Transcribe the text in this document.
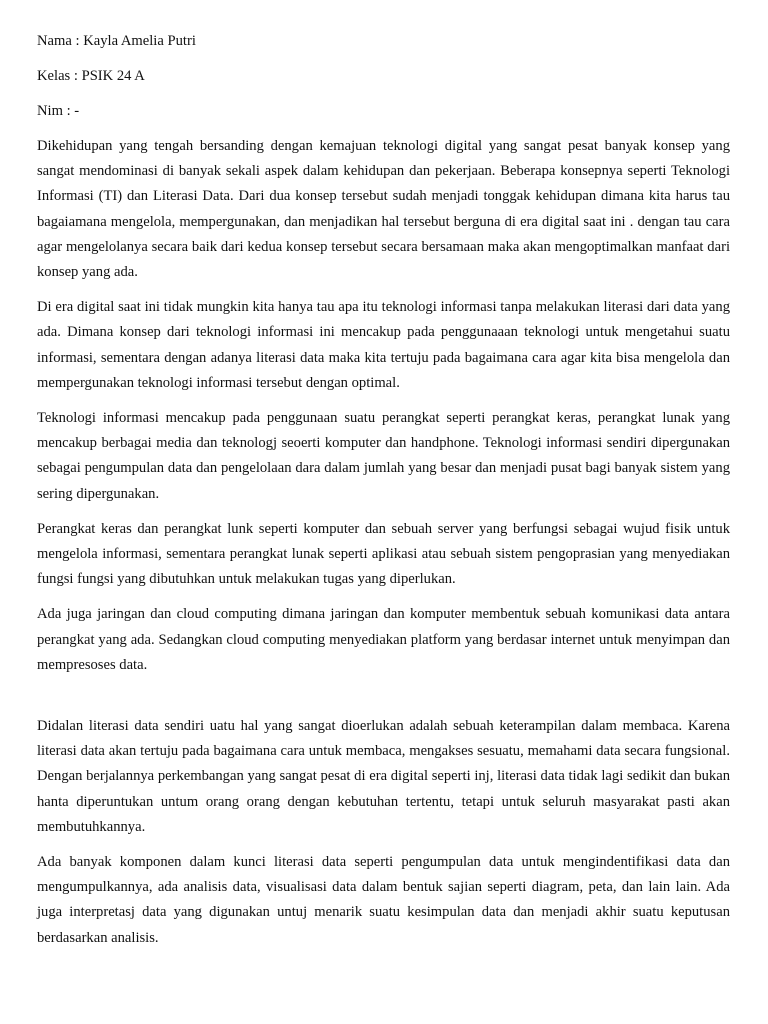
Nama : Kayla Amelia Putri

Kelas : PSIK 24 A

Nim : -

Dikehidupan yang tengah bersanding dengan kemajuan teknologi digital yang sangat pesat banyak konsep yang sangat mendominasi di banyak sekali aspek dalam kehidupan dan pekerjaan. Beberapa konsepnya seperti Teknologi Informasi (TI) dan Literasi Data. Dari dua konsep tersebut sudah menjadi tonggak kehidupan dimana kita harus tau bagaiamana mengelola, mempergunakan, dan menjadikan hal tersebut berguna di era digital saat ini . dengan tau cara agar mengelolanya secara baik dari kedua konsep tersebut secara bersamaan maka akan mengoptimalkan manfaat dari konsep yang ada.

Di era digital saat ini tidak mungkin kita hanya tau apa itu teknologi informasi tanpa melakukan literasi dari data yang ada. Dimana konsep dari teknologi informasi ini mencakup pada penggunaaan teknologi untuk mengetahui suatu informasi, sementara dengan adanya literasi data maka kita tertuju pada bagaimana cara agar kita bisa mengelola dan mempergunakan teknologi informasi tersebut dengan optimal.

Teknologi informasi mencakup pada penggunaan suatu perangkat seperti perangkat keras, perangkat lunak yang mencakup berbagai media dan teknologj seoerti komputer dan handphone. Teknologi informasi sendiri dipergunakan sebagai pengumpulan data dan pengelolaan dara dalam jumlah yang besar dan menjadi pusat bagi banyak sistem yang sering dipergunakan.

Perangkat keras dan perangkat lunk seperti komputer dan sebuah server yang berfungsi sebagai wujud fisik untuk mengelola informasi, sementara perangkat lunak seperti aplikasi atau sebuah sistem pengoprasian yang menyediakan fungsi fungsi yang dibutuhkan untuk melakukan tugas yang diperlukan.

Ada juga jaringan dan cloud computing dimana jaringan dan komputer membentuk sebuah komunikasi data antara perangkat yang ada. Sedangkan cloud computing menyediakan platform yang berdasar internet untuk menyimpan dan mempresoses data.

Didalan literasi data sendiri uatu hal yang sangat dioerlukan adalah sebuah keterampilan dalam membaca. Karena literasi data akan tertuju pada bagaimana cara untuk membaca, mengakses sesuatu, memahami data secara fungsional. Dengan berjalannya perkembangan yang sangat pesat di era digital seperti inj, literasi data tidak lagi sedikit dan bukan hanta diperuntukan untum orang orang dengan kebutuhan tertentu, tetapi untuk seluruh masyarakat pasti akan membutuhkannya.

Ada banyak komponen dalam kunci literasi data seperti pengumpulan data untuk mengindentifikasi data dan mengumpulkannya, ada analisis data, visualisasi data dalam bentuk sajian seperti diagram, peta, dan lain lain. Ada juga interpretasj data yang digunakan untuj menarik suatu kesimpulan data dan menjadi akhir suatu keputusan berdasarkan analisis.
